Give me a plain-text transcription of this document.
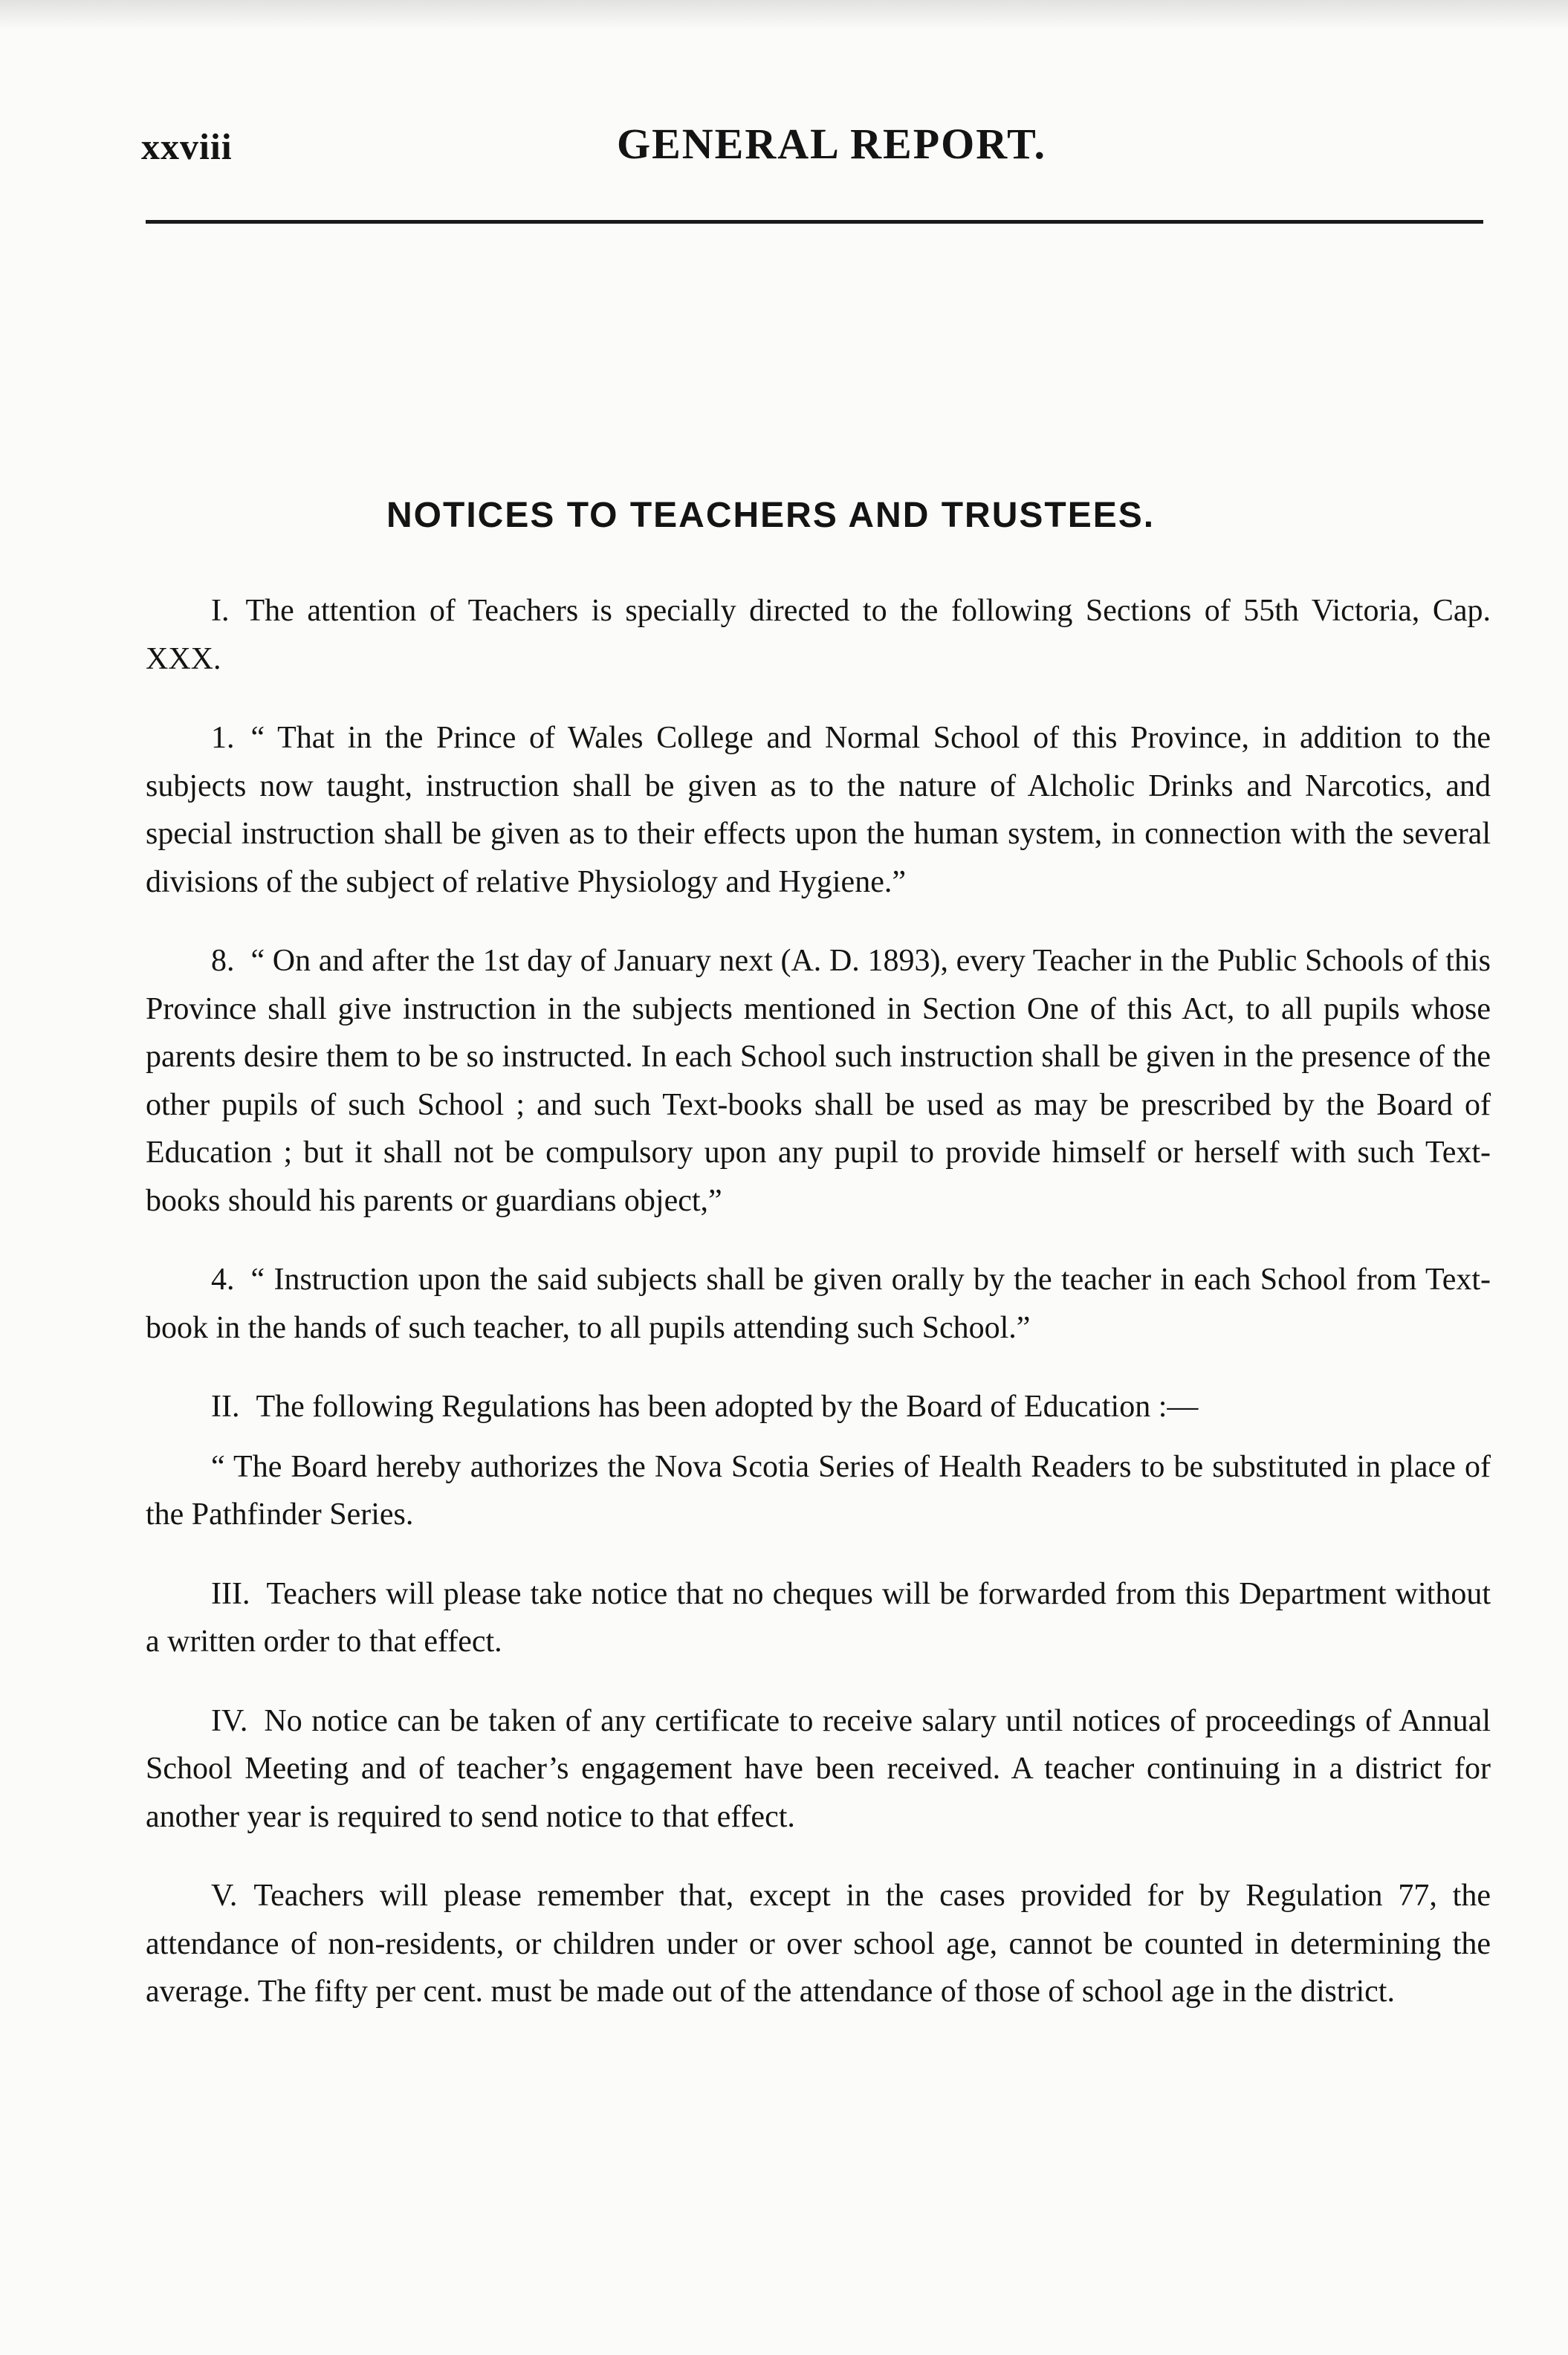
xxviii	GENERAL REPORT.
NOTICES TO TEACHERS AND TRUSTEES.

I. The attention of Teachers is specially directed to the following Sections of 55th Victoria, Cap. XXX.

1. “ That in the Prince of Wales College and Normal School of this Province, in addition to the subjects now taught, instruction shall be given as to the nature of Alcholic Drinks and Narcotics, and special instruction shall be given as to their effects upon the human system, in connection with the several divisions of the subject of relative Physiology and Hygiene.”

8. “ On and after the 1st day of January next (A. D. 1893), every Teacher in the Public Schools of this Province shall give instruction in the subjects mentioned in Section One of this Act, to all pupils whose parents desire them to be so instructed. In each School such instruction shall be given in the presence of the other pupils of such School ; and such Text-books shall be used as may be prescribed by the Board of Education ; but it shall not be compulsory upon any pupil to provide himself or herself with such Text-books should his parents or guardians object,”

4. “ Instruction upon the said subjects shall be given orally by the teacher in each School from Text-book in the hands of such teacher, to all pupils attending such School.”

II. The following Regulations has been adopted by the Board of Education :—

“ The Board hereby authorizes the Nova Scotia Series of Health Readers to be substituted in place of the Pathfinder Series.

III. Teachers will please take notice that no cheques will be forwarded from this Department without a written order to that effect.

IV. No notice can be taken of any certificate to receive salary until notices of proceedings of Annual School Meeting and of teacher’s engagement have been received. A teacher continuing in a district for another year is required to send notice to that effect.

V. Teachers will please remember that, except in the cases provided for by Regulation 77, the attendance of non-residents, or children under or over school age, cannot be counted in determining the average. The fifty per cent. must be made out of the attendance of those of school age in the district.
